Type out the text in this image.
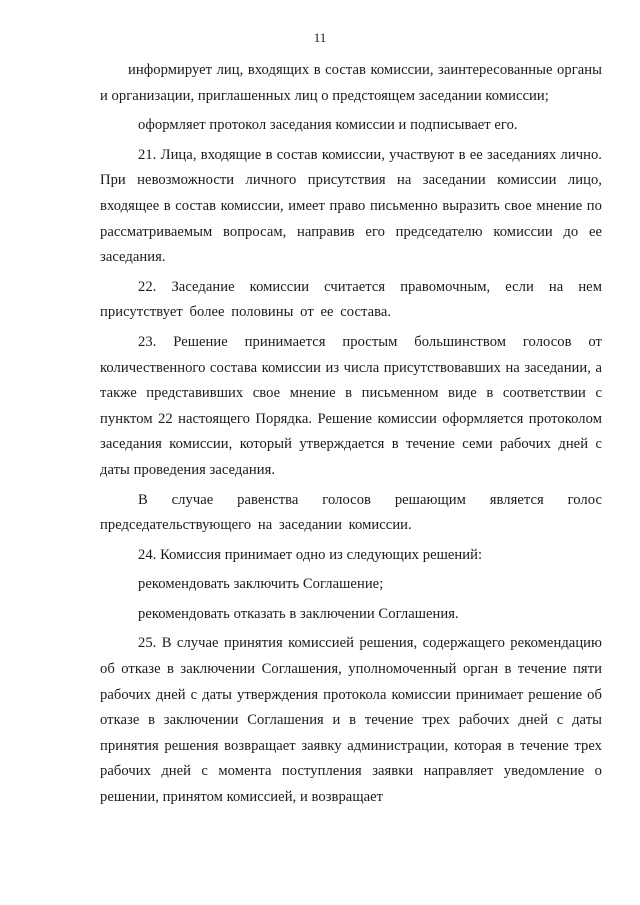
11

информирует лиц, входящих в состав комиссии, заинтересованные органы и организации, приглашенных лиц о предстоящем заседании комиссии;

оформляет протокол заседания комиссии и подписывает его.

21. Лица, входящие в состав комиссии, участвуют в ее заседаниях лично. При невозможности личного присутствия на заседании комиссии лицо, входящее в состав комиссии, имеет право письменно выразить свое мнение по рассматриваемым вопросам, направив его председателю комиссии до ее заседания.

22. Заседание комиссии считается правомочным, если на нем присутствует более половины от ее состава.

23. Решение принимается простым большинством голосов от количественного состава комиссии из числа присутствовавших на заседании, а также представивших свое мнение в письменном виде в соответствии с пунктом 22 настоящего Порядка. Решение комиссии оформляется протоколом заседания комиссии, который утверждается в течение семи рабочих дней с даты проведения заседания.

В случае равенства голосов решающим является голос председательствующего на заседании комиссии.

24. Комиссия принимает одно из следующих решений:

рекомендовать заключить Соглашение;

рекомендовать отказать в заключении Соглашения.

25. В случае принятия комиссией решения, содержащего рекомендацию об отказе в заключении Соглашения, уполномоченный орган в течение пяти рабочих дней с даты утверждения протокола комиссии принимает решение об отказе в заключении Соглашения и в течение трех рабочих дней с даты принятия решения возвращает заявку администрации, которая в течение трех рабочих дней с момента поступления заявки направляет уведомление о решении, принятом комиссией, и возвращает
